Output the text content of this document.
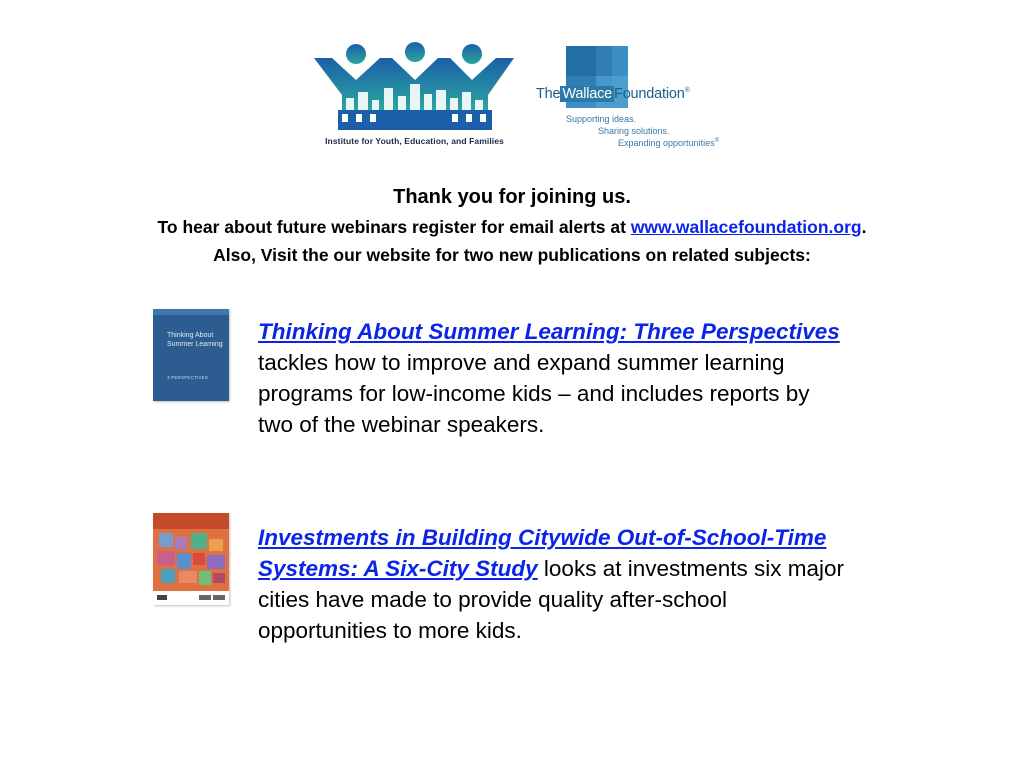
Institute for Youth, Education, and Families
The Wallace Foundation®
Supporting ideas.
Sharing solutions.
Expanding opportunities®
Thank you for joining us.
To hear about future webinars register for email alerts at www.wallacefoundation.org.
Also, Visit the our website for two new publications on related subjects:
Thinking About Summer Learning
3 PERSPECTIVES
Thinking About Summer Learning: Three Perspectives tackles how to improve and expand summer learning programs for low-income kids – and includes reports by two of the webinar speakers.
Investments in Building Citywide Out-of-School-Time Systems: A Six-City Study looks at investments six major cities have made to provide quality after-school opportunities to more kids.
